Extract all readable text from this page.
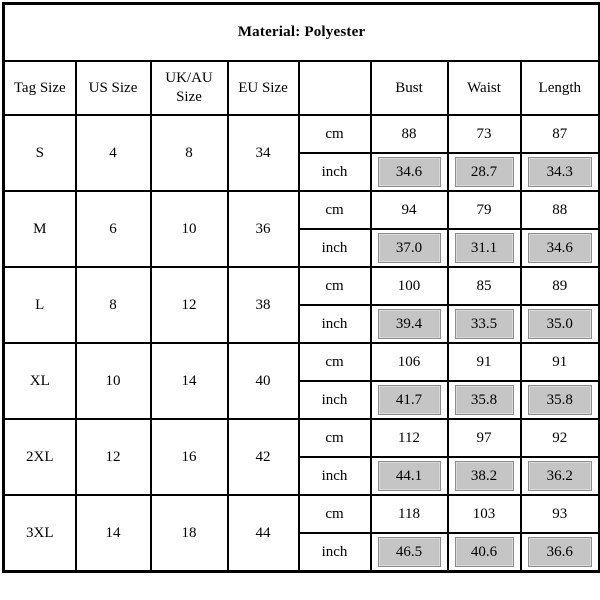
Material: Polyester							
Tag Size	US Size	UK/AU Size	EU Size		Bust	Waist	Length
S	4	8	34	cm	88	73	87
				inch	34.6	28.7	34.3

M	6	10	36	cm	94	79	88
				inch	37.0	31.1	34.6

L	8	12	38	cm	100	85	89
				inch	39.4	33.5	35.0

XL	10	14	40	cm	106	91	91
				inch	41.7	35.8	35.8

2XL	12	16	42	cm	112	97	92
				inch	44.1	38.2	36.2

3XL	14	18	44	cm	118	103	93
				inch	46.5	40.6	36.6
